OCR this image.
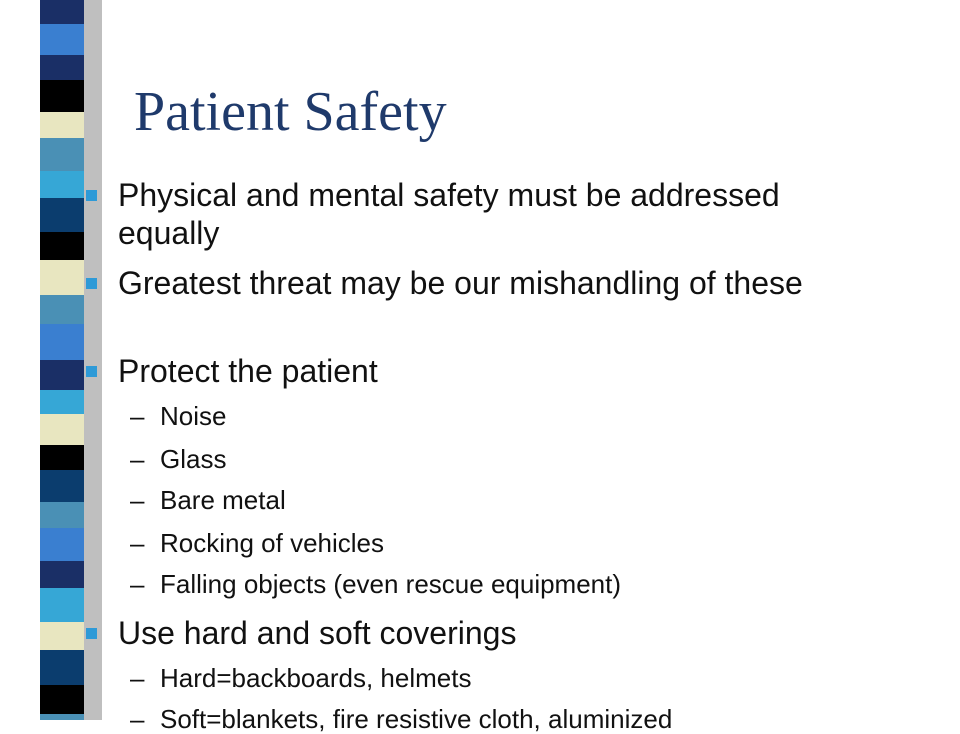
Patient Safety
Physical and mental safety must be addressed equally
Greatest threat may be our mishandling of these
Protect the patient
– Noise
– Glass
– Bare metal
– Rocking of vehicles
– Falling objects (even rescue equipment)
Use hard and soft coverings
– Hard=backboards, helmets
– Soft=blankets, fire resistive cloth, aluminized
